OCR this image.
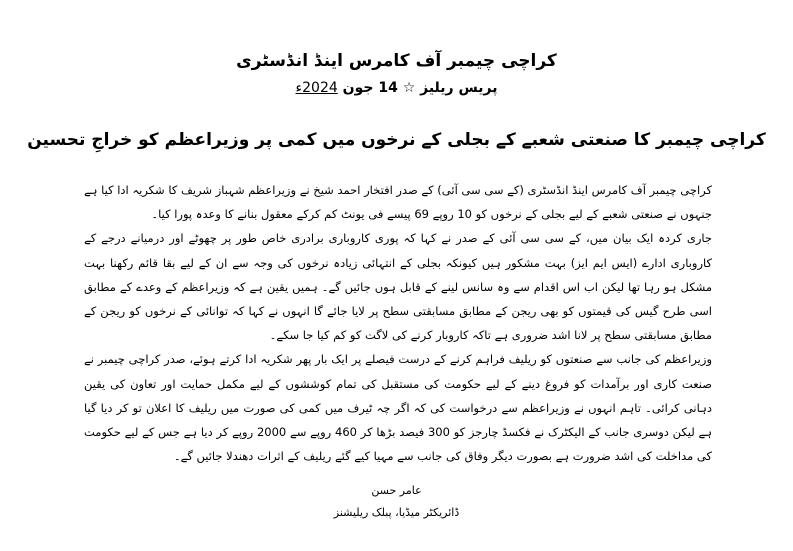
کراچی چیمبر آف کامرس اینڈ انڈسٹری
پریس ریلیز ☆ 14 جون 2024ء
کراچی چیمبر کا صنعتی شعبے کے بجلی کے نرخوں میں کمی پر وزیراعظم کو خراجِ تحسین

کراچی چیمبر آف کامرس اینڈ انڈسٹری (کے سی سی آئی) کے صدر افتخار احمد شیخ نے وزیراعظم شہباز شریف کا شکریہ ادا کیا ہے جنہوں نے صنعتی شعبے کے لیے بجلی کے نرخوں کو 10 روپے 69 پیسے فی یونٹ کم کرکے معقول بنانے کا وعدہ پورا کیا۔

جاری کردہ ایک بیان میں، کے سی سی آئی کے صدر نے کہا کہ پوری کاروباری برادری خاص طور پر چھوٹے اور درمیانے درجے کے کاروباری ادارے (ایس ایم ایز) بہت مشکور ہیں کیونکہ بجلی کے انتہائی زیادہ نرخوں کی وجہ سے ان کے لیے بقا قائم رکھنا بہت مشکل ہو رہا تھا لیکن اب اس اقدام سے وہ سانس لینے کے قابل ہوں جائیں گے۔ ہمیں یقین ہے کہ وزیراعظم کے وعدے کے مطابق اسی طرح گیس کی قیمتوں کو بھی ریجن کے مطابق مسابقتی سطح پر لایا جائے گا انہوں نے کہا کہ توانائی کے نرخوں کو ریجن کے مطابق مسابقتی سطح پر لانا اشد ضروری ہے تاکہ کاروبار کرنے کی لاگت کو کم کیا جا سکے۔

وزیراعظم کی جانب سے صنعتوں کو ریلیف فراہم کرنے کے درست فیصلے پر ایک بار پھر شکریہ ادا کرتے ہوئے، صدر کراچی چیمبر نے صنعت کاری اور برآمدات کو فروغ دینے کے لیے حکومت کی مستقبل کی تمام کوششوں کے لیے مکمل حمایت اور تعاون کی یقین دہانی کرائی۔ تاہم انہوں نے وزیراعظم سے درخواست کی کہ اگر چہ ٹیرف میں کمی کی صورت میں ریلیف کا اعلان تو کر دیا گیا ہے لیکن دوسری جانب کے الیکٹرک نے فکسڈ چارجز کو 300 فیصد بڑھا کر 460 روپے سے 2000 روپے کر دیا ہے جس کے لیے حکومت کی مداخلت کی اشد ضرورت ہے بصورت دیگر وفاق کی جانب سے مہیا کیے گئے ریلیف کے اثرات دھندلا جائیں گے۔

عامر حسن
ڈائریکٹر میڈیا، پبلک ریلیشنز
